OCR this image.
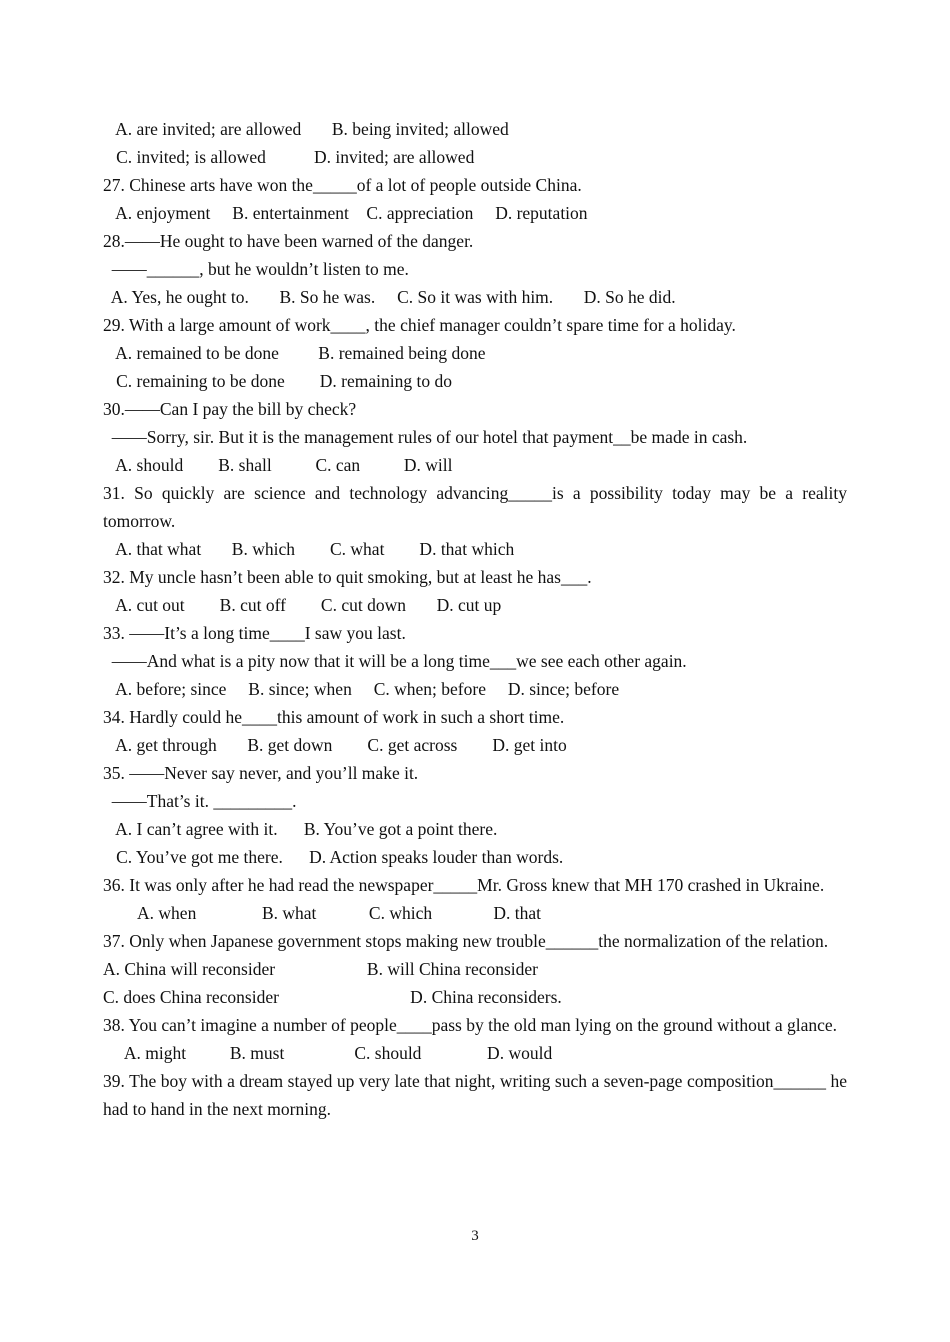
A. are invited; are allowed       B. being invited; allowed
C. invited; is allowed           D. invited; are allowed
27. Chinese arts have won the_____of a lot of people outside China.
A. enjoyment     B. entertainment    C. appreciation     D. reputation
28.——He ought to have been warned of the danger.
——______, but he wouldn’t listen to me.
A. Yes, he ought to.       B. So he was.     C. So it was with him.       D. So he did.
29. With a large amount of work____, the chief manager couldn’t spare time for a holiday.
A. remained to be done         B. remained being done
C. remaining to be done        D. remaining to do
30.——Can I pay the bill by check?
——Sorry, sir. But it is the management rules of our hotel that payment__be made in cash.
A. should        B. shall          C. can          D. will
31. So quickly are science and technology advancing_____is a possibility today may be a reality tomorrow.
A. that what       B. which        C. what        D. that which
32. My uncle hasn’t been able to quit smoking, but at least he has___.
A. cut out        B. cut off        C. cut down       D. cut up
33. ——It’s a long time____I saw you last.
——And what is a pity now that it will be a long time___we see each other again.
A. before; since     B. since; when     C. when; before     D. since; before
34. Hardly could he____this amount of work in such a short time.
A. get through       B. get down        C. get across        D. get into
35. ——Never say never, and you’ll make it.
——That’s it. _________.
A. I can’t agree with it.      B. You’ve got a point there.
C. You’ve got me there.      D. Action speaks louder than words.
36. It was only after he had read the newspaper_____Mr. Gross knew that MH 170 crashed in Ukraine.
A. when               B. what            C. which              D. that
37. Only when Japanese government stops making new trouble______the normalization of the relation.
A. China will reconsider                     B. will China reconsider
C. does China reconsider                              D. China reconsiders.
38. You can’t imagine a number of people____pass by the old man lying on the ground without a glance.
A. might          B. must                C. should               D. would
39. The boy with a dream stayed up very late that night, writing such a seven-page composition______ he had to hand in the next morning.
3
